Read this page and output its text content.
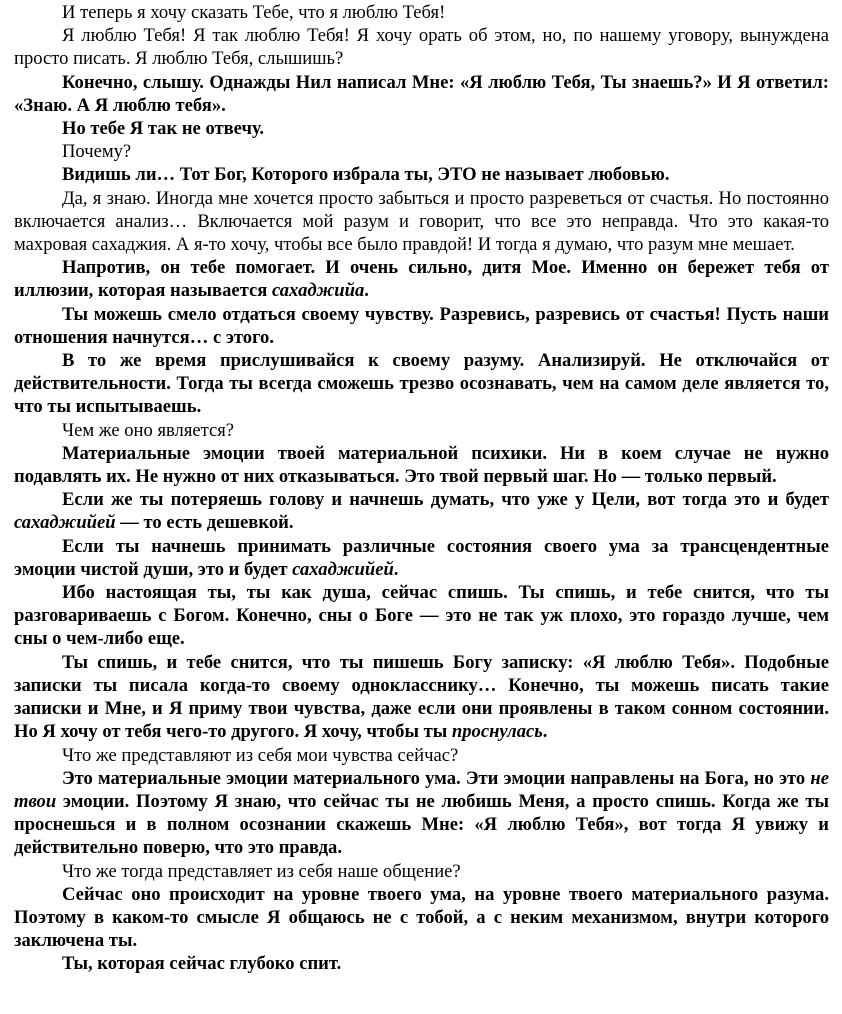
И теперь я хочу сказать Тебе, что я люблю Тебя!

Я люблю Тебя! Я так люблю Тебя! Я хочу орать об этом, но, по нашему уговору, вынуждена просто писать. Я люблю Тебя, слышишь?

Конечно, слышу. Однажды Нил написал Мне: «Я люблю Тебя, Ты знаешь?» И Я ответил: «Знаю. А Я люблю тебя».

Но тебе Я так не отвечу.

Почему?

Видишь ли… Тот Бог, Которого избрала ты, ЭТО не называет любовью.

Да, я знаю. Иногда мне хочется просто забыться и просто разреветься от счастья. Но постоянно включается анализ… Включается мой разум и говорит, что все это неправда. Что это какая-то махровая сахаджия. А я-то хочу, чтобы все было правдой! И тогда я думаю, что разум мне мешает.

Напротив, он тебе помогает. И очень сильно, дитя Мое. Именно он бережет тебя от иллюзии, которая называется сахаджийа.

Ты можешь смело отдаться своему чувству. Разревись, разревись от счастья! Пусть наши отношения начнутся… с этого.

В то же время прислушивайся к своему разуму. Анализируй. Не отключайся от действительности. Тогда ты всегда сможешь трезво осознавать, чем на самом деле является то, что ты испытываешь.

Чем же оно является?

Материальные эмоции твоей материальной психики. Ни в коем случае не нужно подавлять их. Не нужно от них отказываться. Это твой первый шаг. Но — только первый.

Если же ты потеряешь голову и начнешь думать, что уже у Цели, вот тогда это и будет сахаджийей — то есть дешевкой.

Если ты начнешь принимать различные состояния своего ума за трансцендентные эмоции чистой души, это и будет сахаджийей.

Ибо настоящая ты, ты как душа, сейчас спишь. Ты спишь, и тебе снится, что ты разговариваешь с Богом. Конечно, сны о Боге — это не так уж плохо, это гораздо лучше, чем сны о чем-либо еще.

Ты спишь, и тебе снится, что ты пишешь Богу записку: «Я люблю Тебя». Подобные записки ты писала когда-то своему однокласснику… Конечно, ты можешь писать такие записки и Мне, и Я приму твои чувства, даже если они проявлены в таком сонном состоянии. Но Я хочу от тебя чего-то другого. Я хочу, чтобы ты проснулась.

Что же представляют из себя мои чувства сейчас?

Это материальные эмоции материального ума. Эти эмоции направлены на Бога, но это не твои эмоции. Поэтому Я знаю, что сейчас ты не любишь Меня, а просто спишь. Когда же ты проснешься и в полном осознании скажешь Мне: «Я люблю Тебя», вот тогда Я увижу и действительно поверю, что это правда.

Что же тогда представляет из себя наше общение?

Сейчас оно происходит на уровне твоего ума, на уровне твоего материального разума. Поэтому в каком-то смысле Я общаюсь не с тобой, а с неким механизмом, внутри которого заключена ты.

Ты, которая сейчас глубоко спит.
